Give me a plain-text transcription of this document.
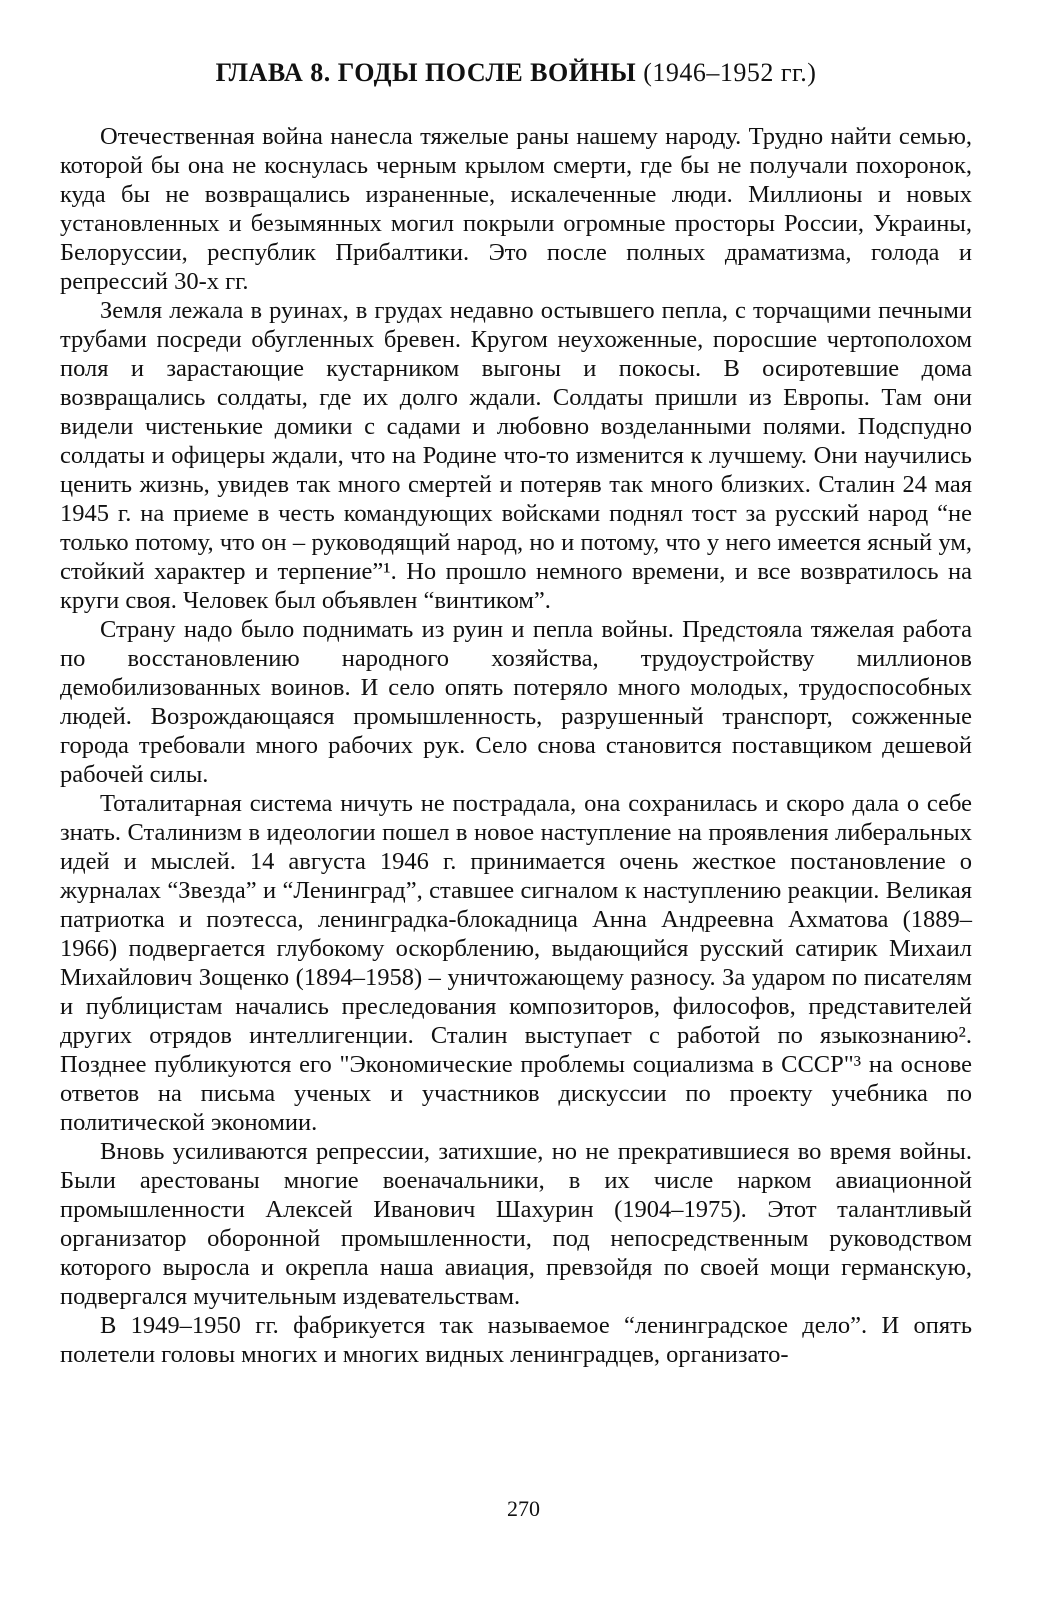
ГЛАВА 8. ГОДЫ ПОСЛЕ ВОЙНЫ (1946–1952 гг.)

Отечественная война нанесла тяжелые раны нашему народу. Трудно найти семью, которой бы она не коснулась черным крылом смерти, где бы не получали похоронок, куда бы не возвращались израненные, искалеченные люди. Миллионы и новых установленных и безымянных могил покрыли огромные просторы России, Украины, Белоруссии, республик Прибалтики. Это после полных драматизма, голода и репрессий 30-х гг.

Земля лежала в руинах, в грудах недавно остывшего пепла, с торчащими печными трубами посреди обугленных бревен. Кругом неухоженные, поросшие чертополохом поля и зарастающие кустарником выгоны и покосы. В осиротевшие дома возвращались солдаты, где их долго ждали. Солдаты пришли из Европы. Там они видели чистенькие домики с садами и любовно возделанными полями. Подспудно солдаты и офицеры ждали, что на Родине что-то изменится к лучшему. Они научились ценить жизнь, увидев так много смертей и потеряв так много близких. Сталин 24 мая 1945 г. на приеме в честь командующих войсками поднял тост за русский народ “не только потому, что он – руководящий народ, но и потому, что у него имеется ясный ум, стойкий характер и терпение”¹. Но прошло немного времени, и все возвратилось на круги своя. Человек был объявлен “винтиком”.

Страну надо было поднимать из руин и пепла войны. Предстояла тяжелая работа по восстановлению народного хозяйства, трудоустройству миллионов демобилизованных воинов. И село опять потеряло много молодых, трудоспособных людей. Возрождающаяся промышленность, разрушенный транспорт, сожженные города требовали много рабочих рук. Село снова становится поставщиком дешевой рабочей силы.

Тоталитарная система ничуть не пострадала, она сохранилась и скоро дала о себе знать. Сталинизм в идеологии пошел в новое наступление на проявления либеральных идей и мыслей. 14 августа 1946 г. принимается очень жесткое постановление о журналах “Звезда” и “Ленинград”, ставшее сигналом к наступлению реакции. Великая патриотка и поэтесса, ленинградка-блокадница Анна Андреевна Ахматова (1889–1966) подвергается глубокому оскорблению, выдающийся русский сатирик Михаил Михайлович Зощенко (1894–1958) – уничтожающему разносу. За ударом по писателям и публицистам начались преследования композиторов, философов, представителей других отрядов интеллигенции. Сталин выступает с работой по языкознанию². Позднее публикуются его "Экономические проблемы социализма в СССР"³ на основе ответов на письма ученых и участников дискуссии по проекту учебника по политической экономии.

Вновь усиливаются репрессии, затихшие, но не прекратившиеся во время войны. Были арестованы многие военачальники, в их числе нарком авиационной промышленности Алексей Иванович Шахурин (1904–1975). Этот талантливый организатор оборонной промышленности, под непосредственным руководством которого выросла и окрепла наша авиация, превзойдя по своей мощи германскую, подвергался мучительным издевательствам.

В 1949–1950 гг. фабрикуется так называемое “ленинградское дело”. И опять полетели головы многих и многих видных ленинградцев, организато-

270
